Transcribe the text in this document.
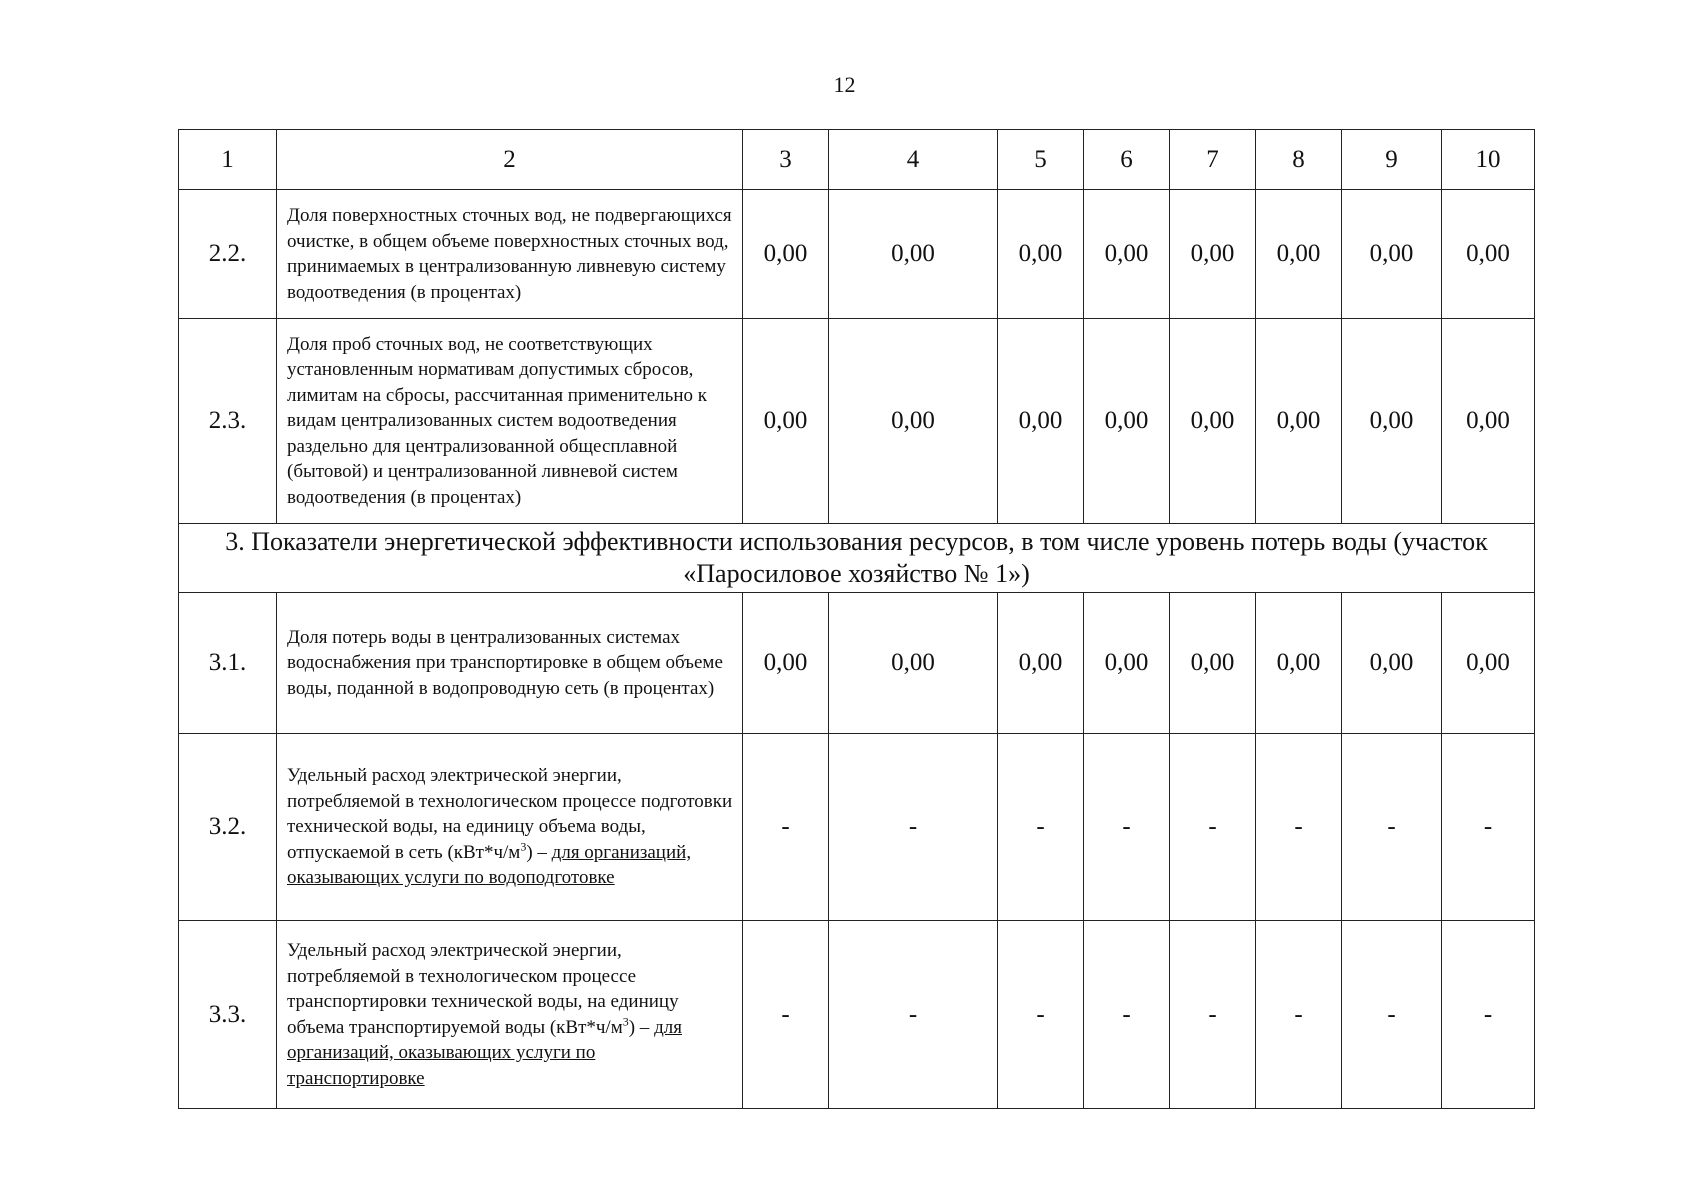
12
1	2	3	4	5	6	7	8	9	10
2.2.	Доля поверхностных сточных вод, не подвергающихся очистке, в общем объеме поверхностных сточных вод, принимаемых в централизованную ливневую систему водоотведения (в процентах)	0,00	0,00	0,00	0,00	0,00	0,00	0,00	0,00
2.3.	Доля проб сточных вод, не соответствующих установленным нормативам допустимых сбросов, лимитам на сбросы, рассчитанная применительно к видам централизованных систем водоотведения раздельно для централизованной общесплавной (бытовой) и централизованной ливневой систем водоотведения (в процентах)	0,00	0,00	0,00	0,00	0,00	0,00	0,00	0,00
3. Показатели энергетической эффективности использования ресурсов, в том числе уровень потерь воды (участок «Паросиловое хозяйство № 1»)									
3.1.	Доля потерь воды в централизованных системах водоснабжения при транспортировке в общем объеме воды, поданной в водопроводную сеть (в процентах)	0,00	0,00	0,00	0,00	0,00	0,00	0,00	0,00
3.2.	Удельный расход электрической энергии, потребляемой в технологическом процессе подготовки технической воды, на единицу объема воды, отпускаемой в сеть $(кВт*ч/м^3)$ – для организаций, оказывающих услуги по водоподготовке	-	-	-	-	-	-	-	-
3.3.	Удельный расход электрической энергии, потребляемой в технологическом процессе транспортировки технической воды, на единицу объема транспортируемой воды $(кВт*ч/м^3)$ – для организаций, оказывающих услуги по транспортировке	-	-	-	-	-	-	-	-
